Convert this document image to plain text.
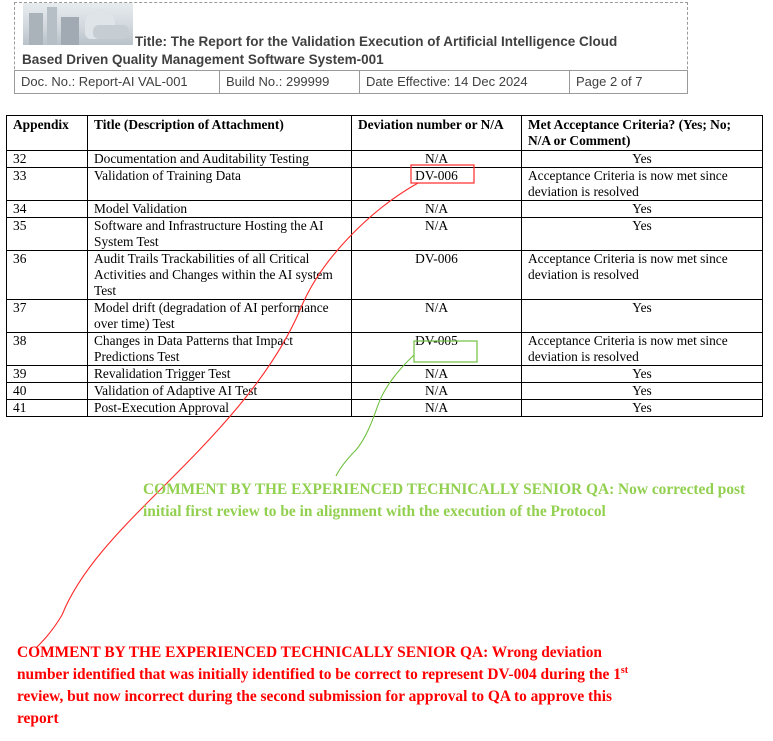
Title: The Report for the Validation Execution of Artificial Intelligence Cloud
Based Driven Quality Management Software System-001
Doc. No.: Report-AI VAL-001	Build No.: 299999	Date Effective: 14 Dec 2024	Page 2 of 7
Appendix	Title (Description of Attachment)	Deviation number or N/A	Met Acceptance Criteria? (Yes; No; N/A or Comment)
32	Documentation and Auditability Testing	N/A	Yes
33	Validation of Training Data	DV-006	Acceptance Criteria is now met since deviation is resolved
34	Model Validation	N/A	Yes
35	Software and Infrastructure Hosting the AI System Test	N/A	Yes
36	Audit Trails Trackabilities of all Critical Activities and Changes within the AI system Test	DV-006	Acceptance Criteria is now met since deviation is resolved
37	Model drift (degradation of AI performance over time) Test	N/A	Yes
38	Changes in Data Patterns that Impact Predictions Test	DV-005	Acceptance Criteria is now met since deviation is resolved
39	Revalidation Trigger Test	N/A	Yes
40	Validation of Adaptive AI Test	N/A	Yes
41	Post-Execution Approval	N/A	Yes
COMMENT BY THE EXPERIENCED TECHNICALLY SENIOR QA: Now corrected post initial first review to be in alignment with the execution of the Protocol
COMMENT BY THE EXPERIENCED TECHNICALLY SENIOR QA: Wrong deviation number identified that was initially identified to be correct to represent DV-004 during the 1st review, but now incorrect during the second submission for approval to QA to approve this report
